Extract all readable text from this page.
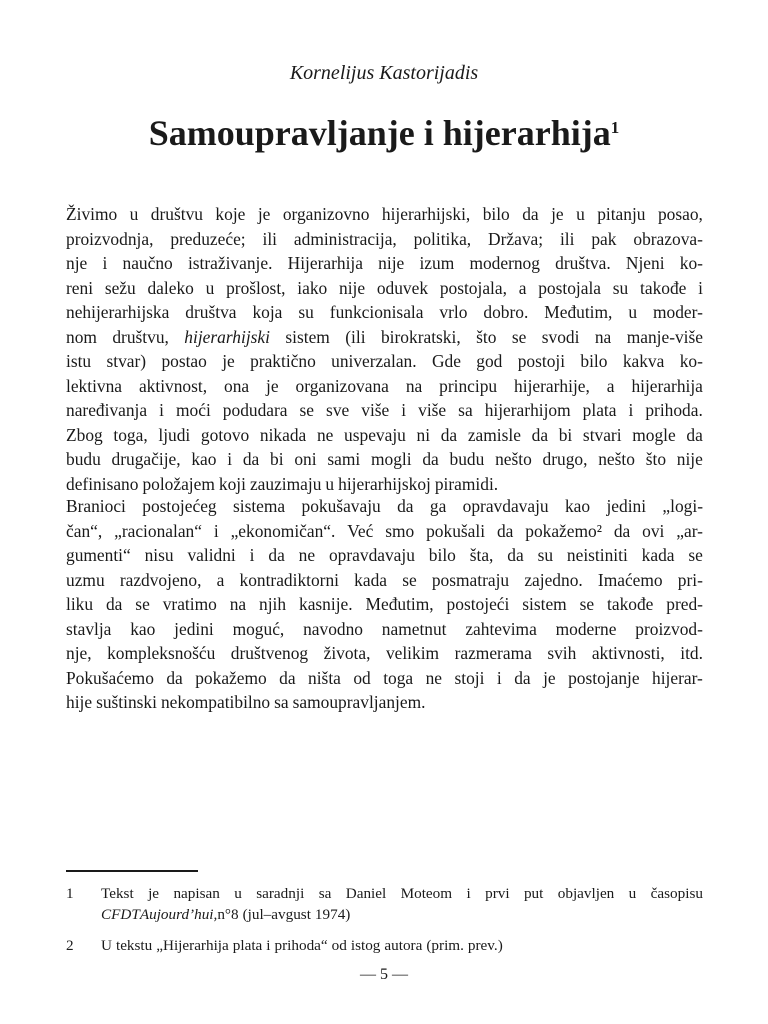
Kornelijus Kastorijadis
Samoupravljanje i hijerarhija$^1$
Živimo u društvu koje je organizovno hijerarhijski, bilo da je u pitanju posao,
proizvodnja, preduzeće; ili administracija, politika, Država; ili pak obrazova-
nje i naučno istraživanje. Hijerarhija nije izum modernog društva. Njeni ko-
reni sežu daleko u prošlost, iako nije oduvek postojala, a postojala su takođe i
nehijerarhijska društva koja su funkcionisala vrlo dobro. Međutim, u moder-
nom društvu, hijerarhijski sistem (ili birokratski, što se svodi na manje-više
istu stvar) postao je praktično univerzalan. Gde god postoji bilo kakva ko-
lektivna aktivnost, ona je organizovana na principu hijerarhije, a hijerarhija
naređivanja i moći podudara se sve više i više sa hijerarhijom plata i prihoda.
Zbog toga, ljudi gotovo nikada ne uspevaju ni da zamisle da bi stvari mogle da
budu drugačije, kao i da bi oni sami mogli da budu nešto drugo, nešto što nije
definisano položajem koji zauzimaju u hijerarhijskoj piramidi.
Branioci postojećeg sistema pokušavaju da ga opravdavaju kao jedini „logi-
čan“, „racionalan“ i „ekonomičan“. Već smo pokušali da pokažemo² da ovi „ar-
gumenti“ nisu validni i da ne opravdavaju bilo šta, da su neistiniti kada se
uzmu razdvojeno, a kontradiktorni kada se posmatraju zajedno. Imaćemo pri-
liku da se vratimo na njih kasnije. Međutim, postojeći sistem se takođe pred-
stavlja kao jedini moguć, navodno nametnut zahtevima moderne proizvod-
nje, kompleksnošću društvenog života, velikim razmerama svih aktivnosti, itd.
Pokušaćemo da pokažemo da ništa od toga ne stoji i da je postojanje hijerar-
hije suštinski nekompatibilno sa samoupravljanjem.
1 Tekst je napisan u saradnji sa Daniel Moteom i prvi put objavljen u časopisu
CFDT Aujourd’hui, n°8 (jul–avgust 1974)
2 U tekstu „Hijerarhija plata i prihoda“ od istog autora (prim. prev.)
— 5 —
